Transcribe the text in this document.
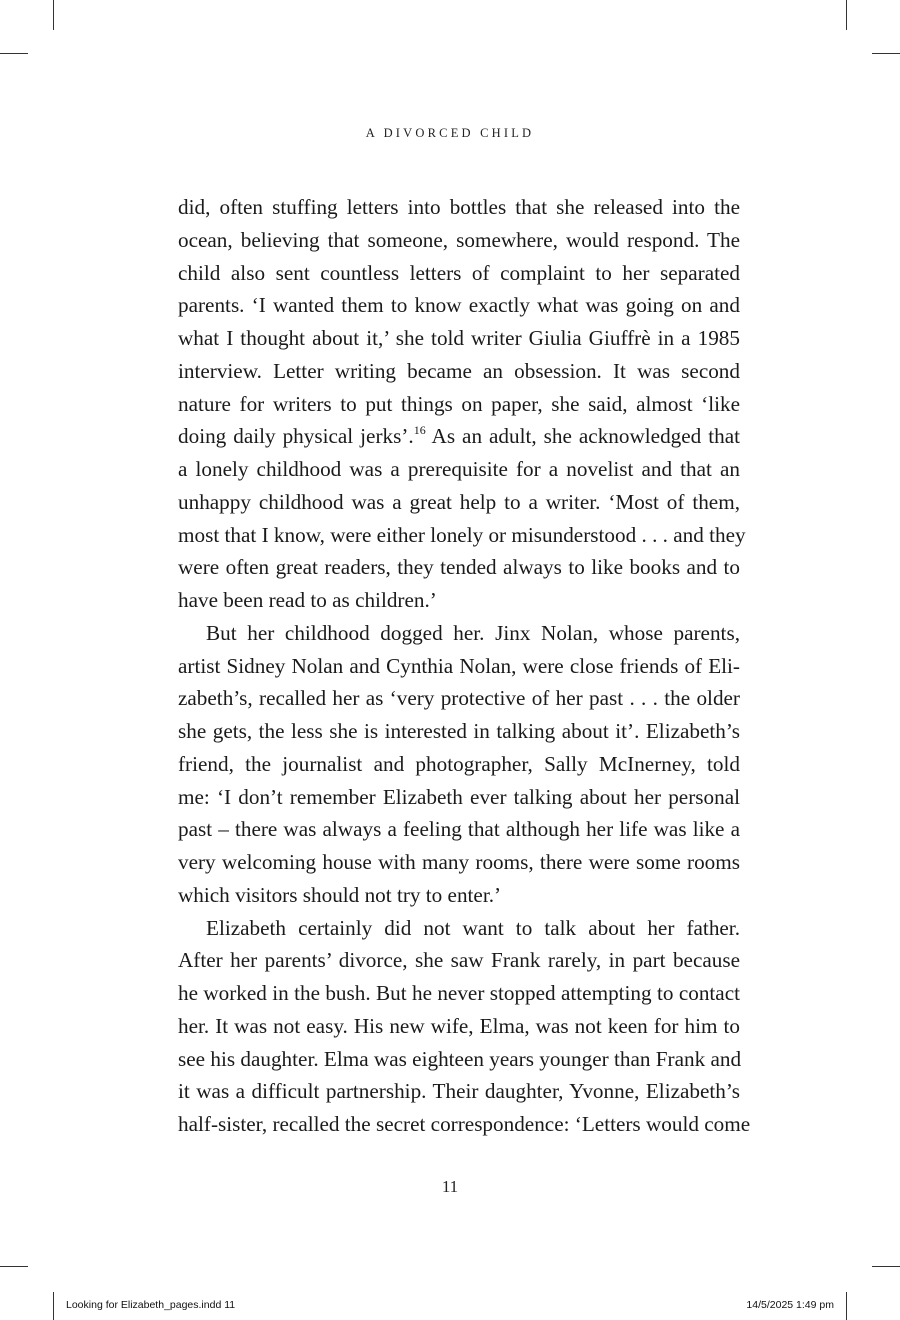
A DIVORCED CHILD
did, often stuffing letters into bottles that she released into the
ocean, believing that someone, somewhere, would respond. The
child also sent countless letters of complaint to her separated
parents. ‘I wanted them to know exactly what was going on and
what I thought about it,’ she told writer Giulia Giuffrè in a 1985
interview. Letter writing became an obsession. It was second
nature for writers to put things on paper, she said, almost ‘like
doing daily physical jerks’.$^{16}$ As an adult, she acknowledged that
a lonely childhood was a prerequisite for a novelist and that an
unhappy childhood was a great help to a writer. ‘Most of them,
most that I know, were either lonely or misunderstood . . . and they
were often great readers, they tended always to like books and to
have been read to as children.’
But her childhood dogged her. Jinx Nolan, whose parents,
artist Sidney Nolan and Cynthia Nolan, were close friends of Eli-
zabeth’s, recalled her as ‘very protective of her past . . . the older
she gets, the less she is interested in talking about it’. Elizabeth’s
friend, the journalist and photographer, Sally McInerney, told
me: ‘I don’t remember Elizabeth ever talking about her personal
past – there was always a feeling that although her life was like a
very welcoming house with many rooms, there were some rooms
which visitors should not try to enter.’
Elizabeth certainly did not want to talk about her father.
After her parents’ divorce, she saw Frank rarely, in part because
he worked in the bush. But he never stopped attempting to contact
her. It was not easy. His new wife, Elma, was not keen for him to
see his daughter. Elma was eighteen years younger than Frank and
it was a difficult partnership. Their daughter, Yvonne, Elizabeth’s
half-sister, recalled the secret correspondence: ‘Letters would come
11
Looking for Elizabeth_pages.indd 11	14/5/2025 1:49 pm
